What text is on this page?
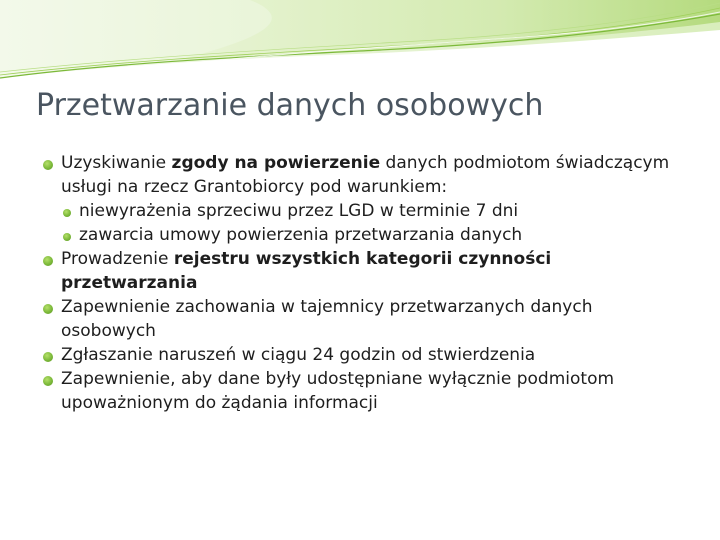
Przetwarzanie danych osobowych
Uzyskiwanie zgody na powierzenie danych podmiotom świadczącym usługi na rzecz Grantobiorcy pod warunkiem:
niewyrażenia sprzeciwu przez LGD w terminie 7 dni
zawarcia umowy powierzenia przetwarzania danych
Prowadzenie rejestru wszystkich kategorii czynności przetwarzania
Zapewnienie zachowania w tajemnicy przetwarzanych danych osobowych
Zgłaszanie naruszeń w ciągu 24 godzin od stwierdzenia
Zapewnienie, aby dane były udostępniane wyłącznie podmiotom upoważnionym do żądania informacji
